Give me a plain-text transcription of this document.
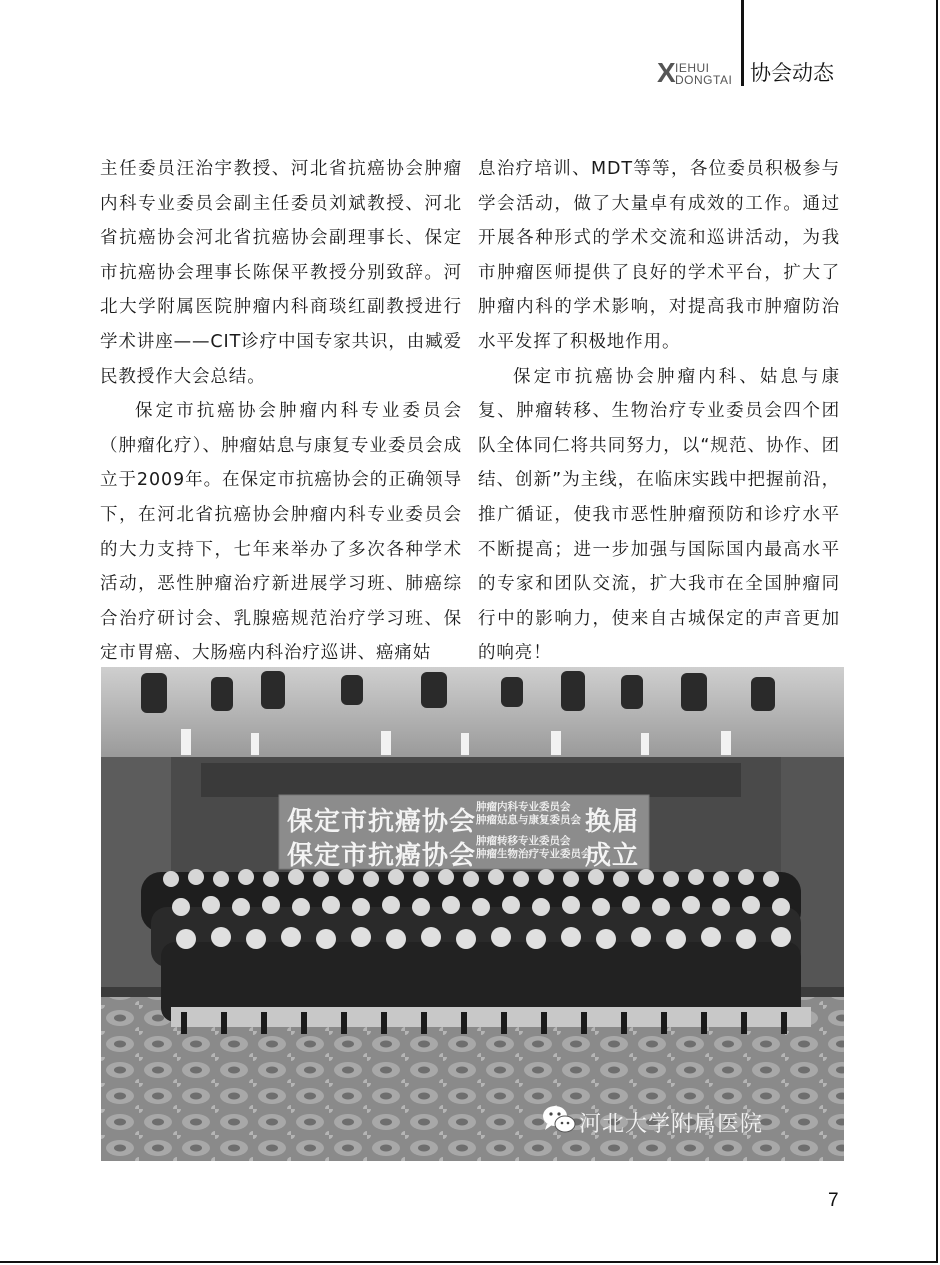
X IEHUI
DONGTAI 协会动态

主任委员汪治宇教授、河北省抗癌协会肿瘤内科专业委员会副主任委员刘斌教授、河北省抗癌协会河北省抗癌协会副理事长、保定市抗癌协会理事长陈保平教授分别致辞。河北大学附属医院肿瘤内科商琰红副教授进行学术讲座——CIT诊疗中国专家共识，由臧爱民教授作大会总结。

保定市抗癌协会肿瘤内科专业委员会（肿瘤化疗）、肿瘤姑息与康复专业委员会成立于2009年。在保定市抗癌协会的正确领导下，在河北省抗癌协会肿瘤内科专业委员会的大力支持下，七年来举办了多次各种学术活动，恶性肿瘤治疗新进展学习班、肺癌综合治疗研讨会、乳腺癌规范治疗学习班、保定市胃癌、大肠癌内科治疗巡讲、癌痛姑

息治疗培训、MDT等等，各位委员积极参与学会活动，做了大量卓有成效的工作。通过开展各种形式的学术交流和巡讲活动，为我市肿瘤医师提供了良好的学术平台，扩大了肿瘤内科的学术影响，对提高我市肿瘤防治水平发挥了积极地作用。

保定市抗癌协会肿瘤内科、姑息与康复、肿瘤转移、生物治疗专业委员会四个团队全体同仁将共同努力，以“规范、协作、团结、创新”为主线，在临床实践中把握前沿，推广循证，使我市恶性肿瘤预防和诊疗水平不断提高；进一步加强与国际国内最高水平的专家和团队交流，扩大我市在全国肿瘤同行中的影响力，使来自古城保定的声音更加的响亮！

保定市抗癌协会 肿瘤内科专业委员会
肿瘤姑息与康复委员会 换届
保定市抗癌协会 肿瘤转移专业委员会
肿瘤生物治疗专业委员会
成立
河北大学附属医院
7
